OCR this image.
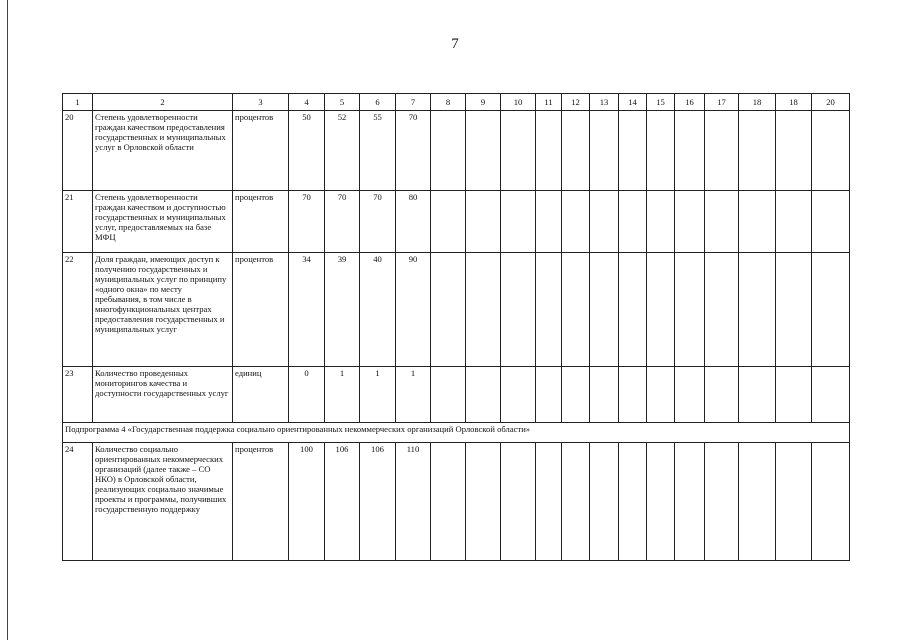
7
1	2	3	4	5	6	7	8	9	10	11	12	13	14	15	16	17	18	18	20
20	Степень удовлетворенности граждан качеством предоставления государственных и муниципальных услуг в Орловской области	процентов	50	52	55	70													
21	Степень удовлетворенности граждан качеством и доступностью государственных и муниципальных услуг, предоставляемых на базе МФЦ	процентов	70	70	70	80													
22	Доля граждан, имеющих доступ к получению государственных и муниципальных услуг по принципу «одного окна» по месту пребывания, в том числе в многофункциональных центрах предоставления государственных и муниципальных услуг	процентов	34	39	40	90													
23	Количество проведенных мониторингов качества и доступности государственных услуг	единиц	0	1	1	1													
Подпрограмма 4 «Государственная поддержка социально ориентированных некоммерческих организаций Орловской области»																			
24	Количество социально ориентированных некоммерческих организаций (далее также – СО НКО) в Орловской области, реализующих социально значимые проекты и программы, получивших государственную поддержку	процентов	100	106	106	110													
